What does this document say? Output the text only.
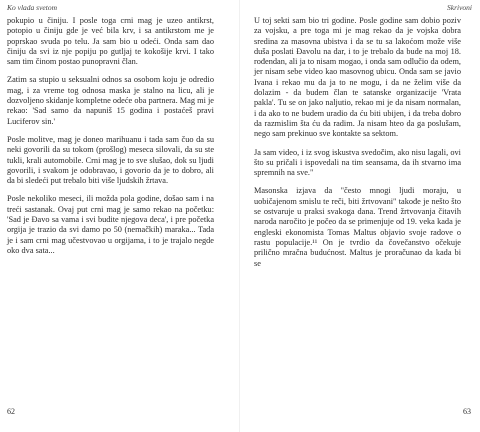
Ko vlada svetom

pokupio u činiju. I posle toga crni mag je uzeo antikrst, potopio u činiju gde je već bila krv, i sa antikrstom me je poprskao svuda po telu. Ja sam bio u odeći. Onda sam dao činiju da svi iz nje popiju po gutljaj te kokošije krvi. I tako sam tim činom postao punopravni član.

Zatim sa stupio u seksualni odnos sa osobom koju je odredio mag, i za vreme tog odnosa maska je stalno na licu, ali je dozvoljeno skidanje kompletne odeće oba partnera. Mag mi je rekao: 'Sad samo da napuniš 15 godina i postaćeš pravi Luciferov sin.'

Posle molitve, mag je doneo marihuanu i tada sam čuo da su neki govorili da su tokom (prošlog) meseca silovali, da su ste tukli, krali automobile. Crni mag je to sve slušao, dok su ljudi govorili, i svakom je odobravao, i govorio da je to dobro, ali da bi sledeći put trebalo biti više ljudskih žrtava.

Posle nekoliko meseci, ili možda pola godine, došao sam i na treći sastanak. Ovaj put crni mag je samo rekao na početku: 'Sad je Đavo sa vama i svi budite njegova deca', i pre početka orgija je trazio da svi damo po 50 (nemačkih) maraka... Tada je i sam crni mag učestvovao u orgijama, i to je trajalo negde oko dva sata...

62
Skrivoni

U toj sekti sam bio tri godine. Posle godine sam dobio poziv za vojsku, a pre toga mi je mag rekao da je vojska dobra sredina za masovna ubistva i da se tu sa lakoćom može više duša poslati Đavolu na dar, i to je trebalo da bude na moj 18. rođendan, ali ja to nisam mogao, i onda sam odlučio da odem, jer nisam sebe video kao masovnog ubicu. Onda sam se javio Ivana i rekao mu da ja to ne mogu, i da ne želim više da dolazim - da budem član te satanske organizacije 'Vrata pakla'. Tu se on jako naljutio, rekao mi je da nisam normalan, i da ako to ne budem uradio da ću biti ubijen, i da treba dobro da razmislim šta ću da radim. Ja nisam hteo da ga poslušam, nego sam prekinuo sve kontakte sa sektom.

Ja sam video, i iz svog iskustva svedočim, ako nisu lagali, ovi što su pričali i ispovedali na tim seansama, da ih stvarno ima spremnih na sve."

Masonska izjava da "često mnogi ljudi moraju, u uobičajenom smislu te reči, biti žrtvovani" takođe je nešto što se ostvaruje u praksi svakoga dana. Trend žrtvovanja čitavih naroda naročito je počeo da se primenjuje od 19. veka kada je engleski ekonomista Tomas Maltus objavio svoje radove o rastu populacije.¹¹ On je tvrdio da čovečanstvo očekuje prilično mračna budućnost. Maltus je proračunao da kada bi se

63
